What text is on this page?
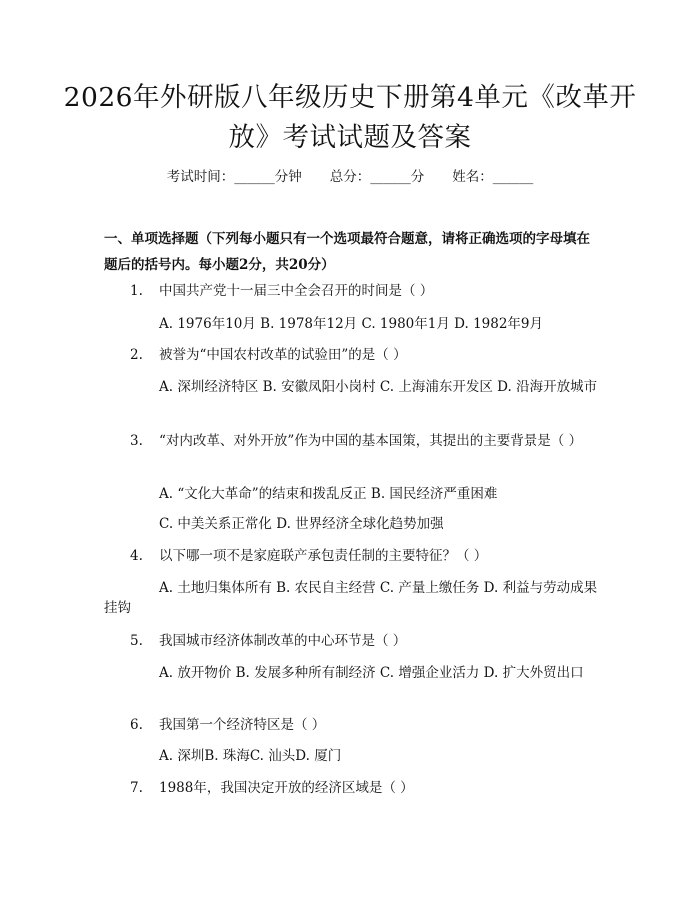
2026年外研版八年级历史下册第4单元《改革开放》考试试题及答案
考试时间：______分钟 总分：______分 姓名：______

一、单项选择题（下列每小题只有一个选项最符合题意，请将正确选项的字母填在题后的括号内。每小题2分，共20分）

1. 中国共产党十一届三中全会召开的时间是（ ）
A. 1976年10月 B. 1978年12月 C. 1980年1月 D. 1982年9月
2. 被誉为“中国农村改革的试验田”的是（ ）
A. 深圳经济特区 B. 安徽凤阳小岗村 C. 上海浦东开发区 D. 沿海开放城市
3.	“对内改革、对外开放”作为中国的基本国策，其提出的主要背景是（ ）
A. “文化大革命”的结束和拨乱反正 B. 国民经济严重困难
C. 中美关系正常化 D. 世界经济全球化趋势加强
4. 以下哪一项不是家庭联产承包责任制的主要特征？（ ）
A. 土地归集体所有 B. 农民自主经营 C. 产量上缴任务 D. 利益与劳动成果挂钩
5. 我国城市经济体制改革的中心环节是（ ）
A. 放开物价 B. 发展多种所有制经济 C. 增强企业活力 D. 扩大外贸出口
6. 我国第一个经济特区是（ ）
A. 深圳B. 珠海C. 汕头D. 厦门
7. 1988年，我国决定开放的经济区域是（ ）
